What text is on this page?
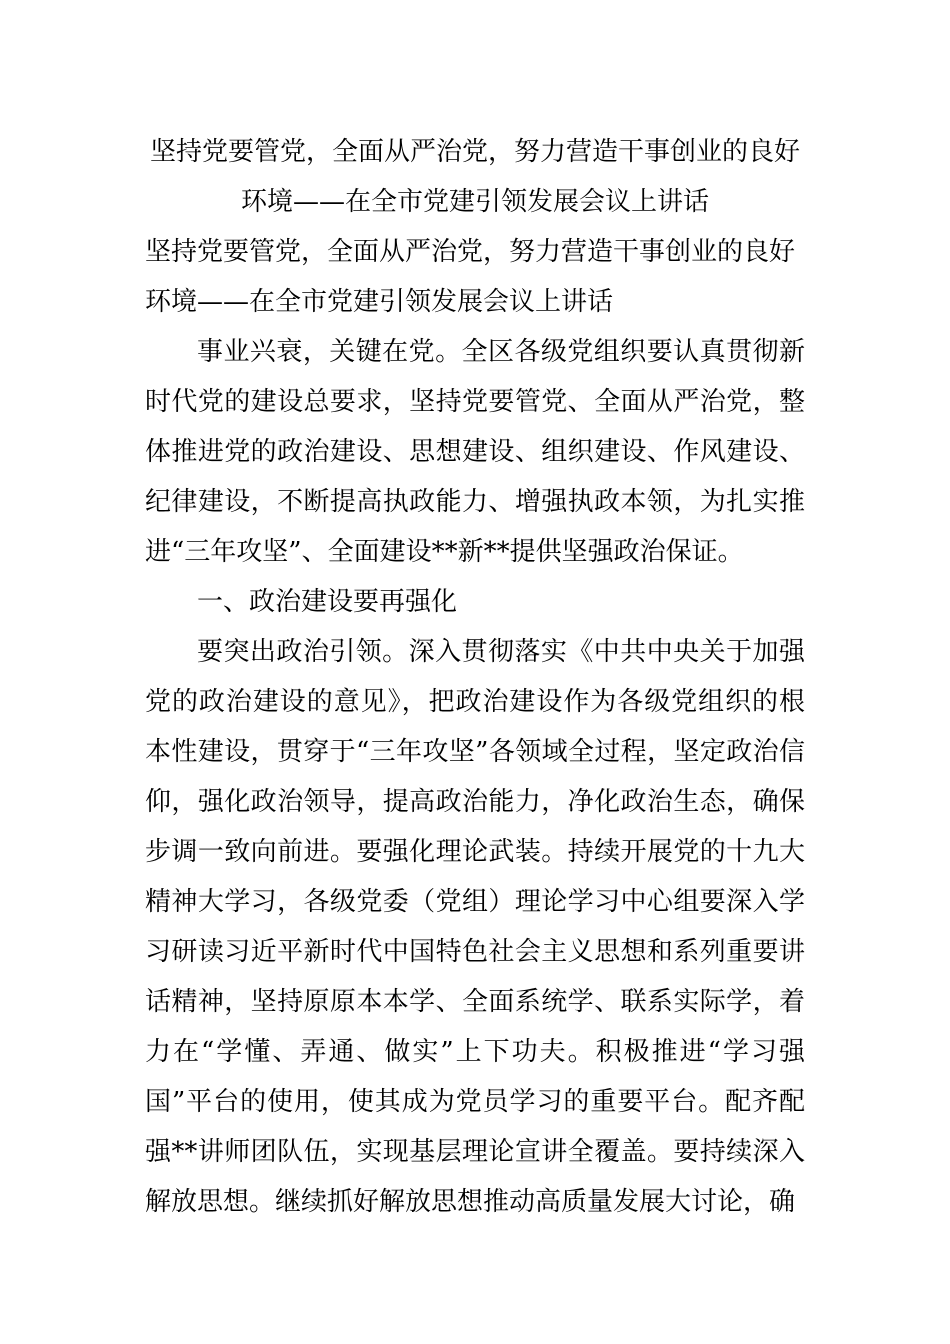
坚持党要管党，全面从严治党，努力营造干事创业的良好
环境——在全市党建引领发展会议上讲话

坚持党要管党，全面从严治党，努力营造干事创业的良好

环境——在全市党建引领发展会议上讲话

事业兴衰，关键在党。全区各级党组织要认真贯彻新时代党的建设总要求，坚持党要管党、全面从严治党，整体推进党的政治建设、思想建设、组织建设、作风建设、纪律建设，不断提高执政能力、增强执政本领，为扎实推进“三年攻坚”、全面建设**新**提供坚强政治保证。

一、政治建设要再强化

要突出政治引领。深入贯彻落实《中共中央关于加强党的政治建设的意见》，把政治建设作为各级党组织的根本性建设，贯穿于“三年攻坚”各领域全过程，坚定政治信仰，强化政治领导，提高政治能力，净化政治生态，确保步调一致向前进。要强化理论武装。持续开展党的十九大精神大学习，各级党委（党组）理论学习中心组要深入学习研读习近平新时代中国特色社会主义思想和系列重要讲话精神，坚持原原本本学、全面系统学、联系实际学，着力在“学懂、弄通、做实”上下功夫。积极推进“学习强国”平台的使用，使其成为党员学习的重要平台。配齐配强**讲师团队伍，实现基层理论宣讲全覆盖。要持续深入解放思想。继续抓好解放思想推动高质量发展大讨论，确
